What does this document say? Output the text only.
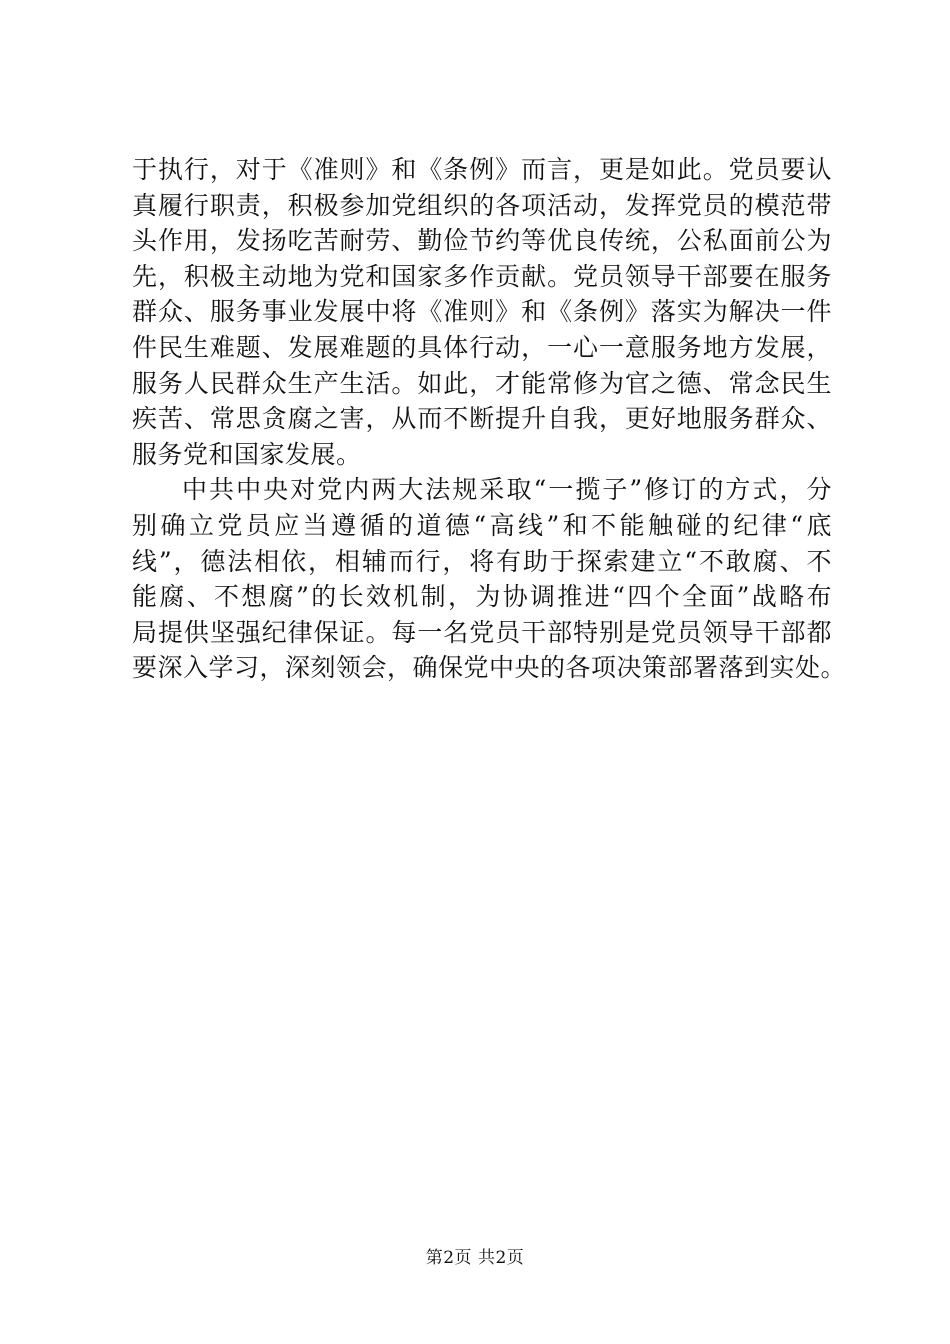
于执行，对于《准则》和《条例》而言，更是如此。党员要认
真履行职责，积极参加党组织的各项活动，发挥党员的模范带
头作用，发扬吃苦耐劳、勤俭节约等优良传统，公私面前公为
先，积极主动地为党和国家多作贡献。党员领导干部要在服务
群众、服务事业发展中将《准则》和《条例》落实为解决一件
件民生难题、发展难题的具体行动，一心一意服务地方发展，
服务人民群众生产生活。如此，才能常修为官之德、常念民生
疾苦、常思贪腐之害，从而不断提升自我，更好地服务群众、
服务党和国家发展。
中共中央对党内两大法规采取“一揽子”修订的方式，分
别确立党员应当遵循的道德“高线”和不能触碰的纪律“底
线”，德法相依，相辅而行，将有助于探索建立“不敢腐、不
能腐、不想腐”的长效机制，为协调推进“四个全面”战略布
局提供坚强纪律保证。每一名党员干部特别是党员领导干部都
要深入学习，深刻领会，确保党中央的各项决策部署落到实处。
第2页 共2页
